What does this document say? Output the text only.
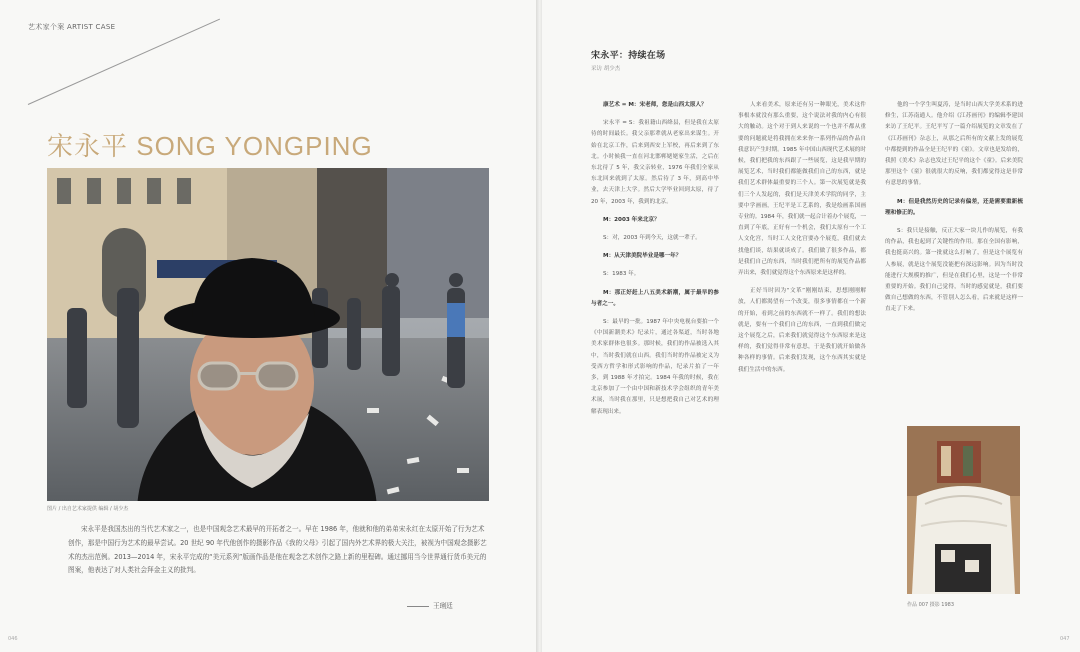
艺术家个案 ARTIST CASE
宋永平 SONG YONGPING
图片 / 出自艺术家提供 编辑 / 胡少杰
宋永平是我国杰出的当代艺术家之一，也是中国观念艺术最早的开拓者之一。早在 1986 年，他就和他的弟弟宋永红在太原开始了行为艺术创作，那是中国行为艺术的最早尝试。20 世纪 90 年代他创作的摄影作品《我的父母》引起了国内外艺术界的极大关注，被视为中国观念摄影艺术的杰出范例。2013—2014 年，宋永平完成的“美元系列”版画作品是他在观念艺术创作之路上新的里程碑。通过挪用当今世界通行货币美元的图案，他表达了对人类社会拜金主义的批判。
王琍廷
046
宋永平：持续在场
采访 胡少杰

康艺术 = M：宋老师，您是山西太原人？

宋永平 = S：我祖籍山西绛县，但是我在太原待的时间最长。我父亲那辈就从老家出来谋生。开始在北京工作，后来到西安上军校，再后来到了东北。小时候我一直在河北邯郸姥姥家生活，之后在东北待了 5 年，我父亲转业，1976 年我们全家从东北回来就到了太原。然后待了 3 年，到高中毕业，去天津上大学。然后大学毕业回到太原，待了 20 年，2003 年，我到的北京。

M：2003 年来北京？

S：对，2003 年到今天，这就一辈子。

M：从天津美院毕业是哪一年？

S：1983 年。

M：那正好赶上八五美术新潮，属于最早的参与者之一。

S：最早的一批。1987 年中央电视台要拍一个《中国新潮美术》纪录片，通过各渠道，当时各地美术家群体也很多。那时候，我们的作品被选入其中，当时我们就在山西。我们当时的作品被定义为受西方哲学和形式影响的作品，纪录片拍了一年多，到 1988 年才拍完。1984 年我的时候，我在北京参加了一个由中国和新技术学会组织的青年美术展，当时我在那里，只是想把我自己对艺术的理解表现出来。

人来看美术，原来还有另一种眼光，美术这件事根本就没有那么重要，这个说法对我的内心有很大的触动。这个对于到人来说的一个也并不都从重要的问题就是将我拥在来来你一系列作品的作品自我意识产生时期。1985 年中国山西现代艺术展的时候，我们把我的东西跟了一些展览，这是我早期的展览艺术，当时我们都能做我们自己的东西，就是我们艺术群体最重要的三个人。第一次展览就是我们三个人发起的，我们是天津美术学院的同学，主要中学画画，王纪平是工艺系的，我是绘画系国画专业的。1984 年，我们就一起合计着办个展览，一直到了年底，正好有一个机会，我们太原有一个工人文化宫，当时工人文化宫要办个展览，我们就去找他们谈，结果就谈成了。我们做了很多作品，都是我们自己的东西，当时我们把所有的展览作品都弄出来，我们就觉得这个东西原来是这样的。

正好当时因为“文革”刚刚结束，思想刚刚解放，人们都渴望有一个改变，很多事情都在一个新的开始，看到之前的东西就不一样了。我们的想法就是，要有一个我们自己的东西，一直到我们做完这个展览之后，后来我们就觉得这个东西原来是这样的，我们觉得非常有意思，于是我们就开始做各种各样的事情。后来我们发现，这个东西其实就是我们生活中的东西。

他的一个学生叫夏涛，是当时山西大学美术系的进修生，江苏南通人。他介绍《江苏画刊》的编辑李建国来访了王纪平。王纪平写了一篇介绍展览的文章发在了《江苏画刊》杂志上，从那之后所有的文献上发的展览中都提到的作品全是王纪平的《童》。文章也是发给的，我照《美术》杂志也发过王纪平的这个《童》。后来美院那里这个《童》很就很大的反响，我们都觉得这是非常有意思的事情。

M：但是我然历史的记录有偏差，还是需要重新梳理和修正的。

S：我只是接触，反正大家一块儿作的展览，有我的作品，我也起到了关键性的作用。那在全国有影响，我也挺高兴的。第一批就这么打响了，但是这个展览有人参展，就是这个展览没能把有深远影响。因为当时没能进行大规模的推广，但是在我们心里，这是一个非常重要的开始。我们自己觉得，当时的感觉就是，我们要做自己想做的东西，不管别人怎么看，后来就是这样一直走了下来。

作品 007 摄影 1983
047
